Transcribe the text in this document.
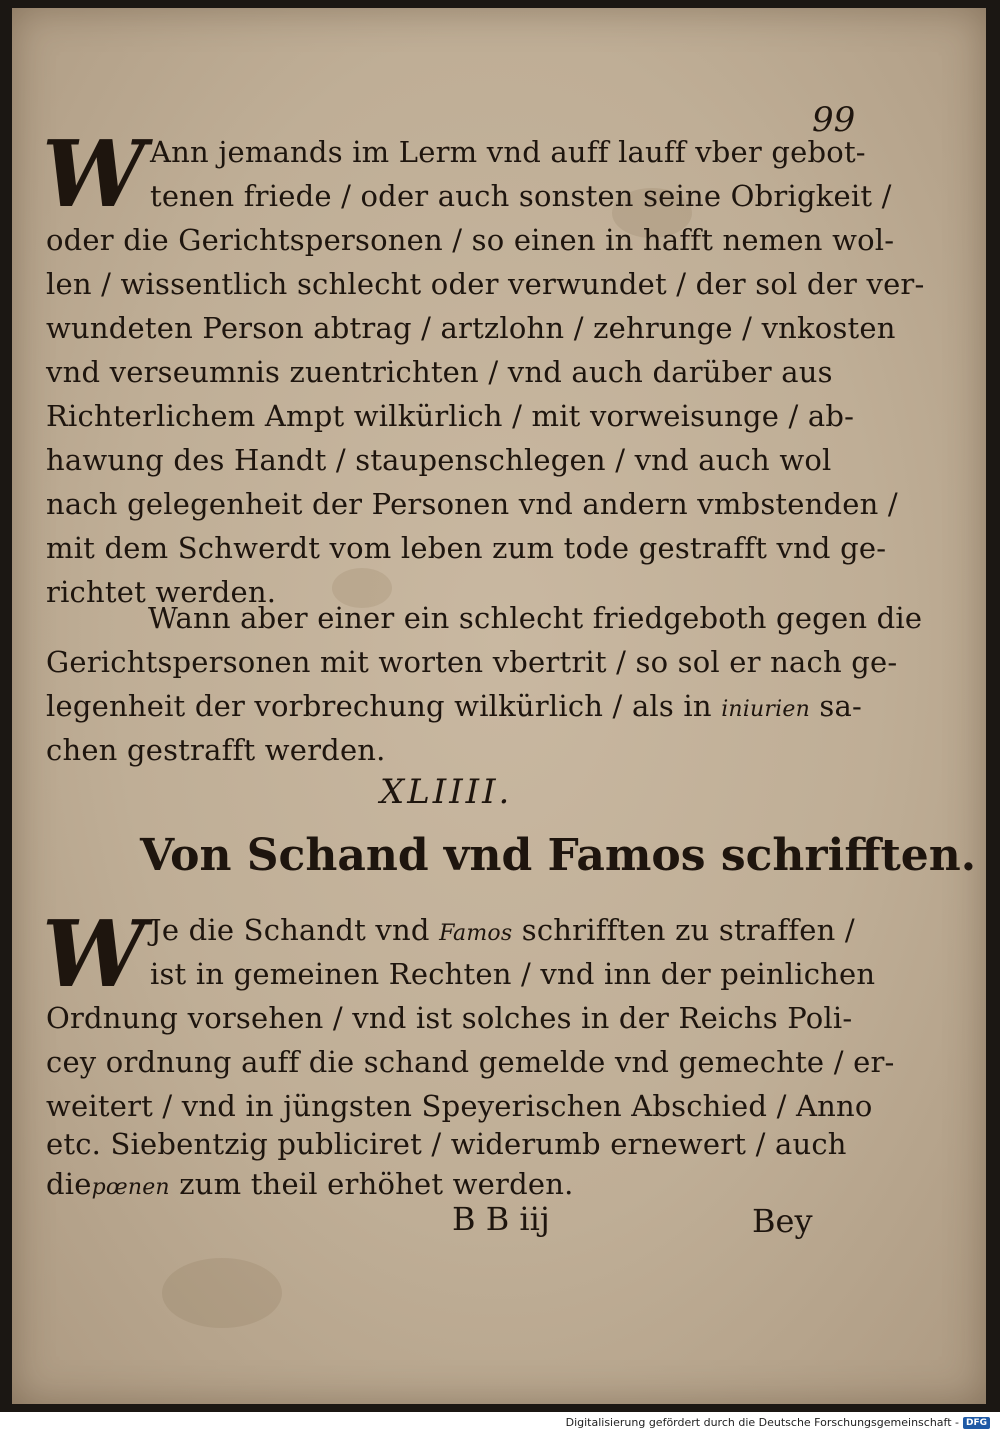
99
W Ann jemands im Lerm vnd auff lauff vber gebot-
tenen friede / oder auch sonsten seine Obrigkeit /
oder die Gerichtspersonen / so einen in hafft nemen wol-
len / wissentlich schlecht oder verwundet / der sol der ver-
wundeten Person abtrag / artzlohn / zehrunge / vnkosten
vnd verseumnis zuentrichten / vnd auch darüber aus
Richterlichem Ampt wilkürlich / mit vorweisunge / ab-
hawung des Handt / staupenschlegen / vnd auch wol
nach gelegenheit der Personen vnd andern vmbstenden /
mit dem Schwerdt vom leben zum tode gestrafft vnd ge-
richtet werden.
Wann aber einer ein schlecht friedgeboth gegen die
Gerichtspersonen mit worten vbertrit / so sol er nach ge-
legenheit der vorbrechung wilkürlich / als in iniurien sa-
chen gestrafft werden.
XLIIII.
Von Schand vnd Famos schrifften.
W Je die Schandt vnd Famos schrifften zu straffen /
ist in gemeinen Rechten / vnd inn der peinlichen
Ordnung vorsehen / vnd ist solches in der Reichs Poli-
cey ordnung auff die schand gemelde vnd gemechte / er-
weitert / vnd in jüngsten Speyerischen Abschied / Anno
etc. Siebentzig publiciret / widerumb ernewert / auch
diepœnen zum theil erhöhet werden.
B B iij	Bey
Digitalisierung gefördert durch die Deutsche Forschungsgemeinschaft - DFG
